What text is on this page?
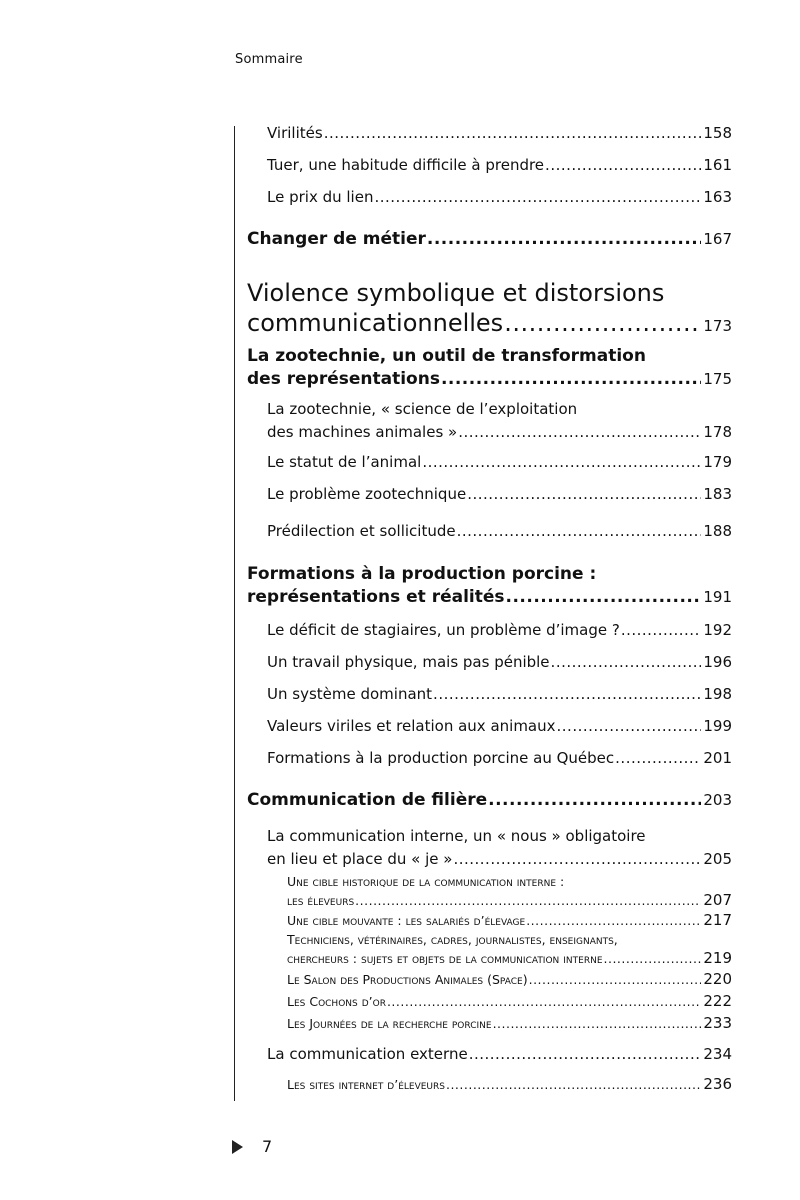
Sommaire
Virilités .....	158
Tuer, une habitude difficile à prendre .....	161
Le prix du lien .....	163
Changer de métier .....	167
Violence symbolique et distorsions
communicationnelles .....	173
La zootechnie, un outil de transformation
des représentations .....	175
La zootechnie, « science de l’exploitation
des machines animales » .....	178
Le statut de l’animal .....	179
Le problème zootechnique .....	183
Prédilection et sollicitude .....	188
Formations à la production porcine :
représentations et réalités .....	191
Le déficit de stagiaires, un problème d’image ? .....	192
Un travail physique, mais pas pénible .....	196
Un système dominant .....	198
Valeurs viriles et relation aux animaux .....	199
Formations à la production porcine au Québec .....	201
Communication de filière .....	203
La communication interne, un « nous » obligatoire
en lieu et place du « je » .....	205
Une cible historique de la communication interne :
les éleveurs .....	207
Une cible mouvante : les salariés d’élevage .....	217
Techniciens, vétérinaires, cadres, journalistes, enseignants,
chercheurs : sujets et objets de la communication interne .....	219
Le Salon des Productions Animales (Space) .....	220
Les Cochons d’or .....	222
Les Journées de la recherche porcine .....	233
La communication externe .....	234
Les sites internet d’éleveurs .....	236
7
